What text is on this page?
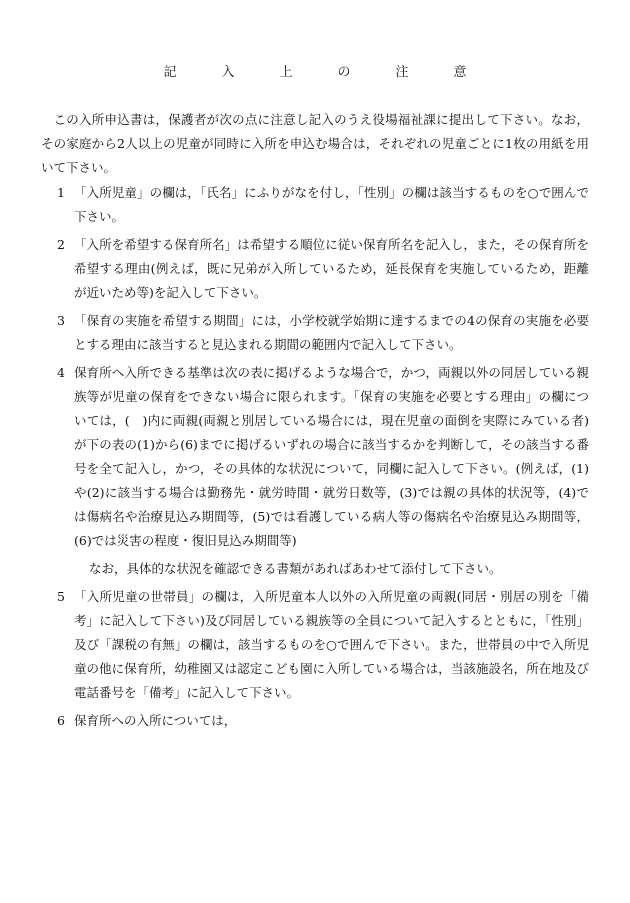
記　入　上　の　注　意

この入所申込書は，保護者が次の点に注意し記入のうえ役場福祉課に提出して下さい。なお，その家庭から2人以上の児童が同時に入所を申込む場合は，それぞれの児童ごとに1枚の用紙を用いて下さい。

1 「入所児童」の欄は，「氏名」にふりがなを付し，「性別」の欄は該当するものを○で囲んで下さい。
2 「入所を希望する保育所名」は希望する順位に従い保育所名を記入し，また，その保育所を希望する理由(例えば，既に兄弟が入所しているため，延長保育を実施しているため，距離が近いため等)を記入して下さい。
3 「保育の実施を希望する期間」には，小学校就学始期に達するまでの4の保育の実施を必要とする理由に該当すると見込まれる期間の範囲内で記入して下さい。
4 保育所へ入所できる基準は次の表に掲げるような場合で，かつ，両親以外の同居している親族等が児童の保育をできない場合に限られます。「保育の実施を必要とする理由」の欄については，(　)内に両親(両親と別居している場合には，現在児童の面倒を実際にみている者)が下の表の(1)から(6)までに掲げるいずれの場合に該当するかを判断して，その該当する番号を全て記入し，かつ，その具体的な状況について，同欄に記入して下さい。(例えば，(1)や(2)に該当する場合は勤務先・就労時間・就労日数等，(3)では親の具体的状況等，(4)では傷病名や治療見込み期間等，(5)では看護している病人等の傷病名や治療見込み期間等，(6)では災害の程度・復旧見込み期間等)
なお，具体的な状況を確認できる書類があればあわせて添付して下さい。
5 「入所児童の世帯員」の欄は，入所児童本人以外の入所児童の両親(同居・別居の別を「備考」に記入して下さい)及び同居している親族等の全員について記入するとともに，「性別」及び「課税の有無」の欄は，該当するものを○で囲んで下さい。また，世帯員の中で入所児童の他に保育所，幼稚園又は認定こども園に入所している場合は，当該施設名，所在地及び電話番号を「備考」に記入して下さい。
6 保育所への入所については，
